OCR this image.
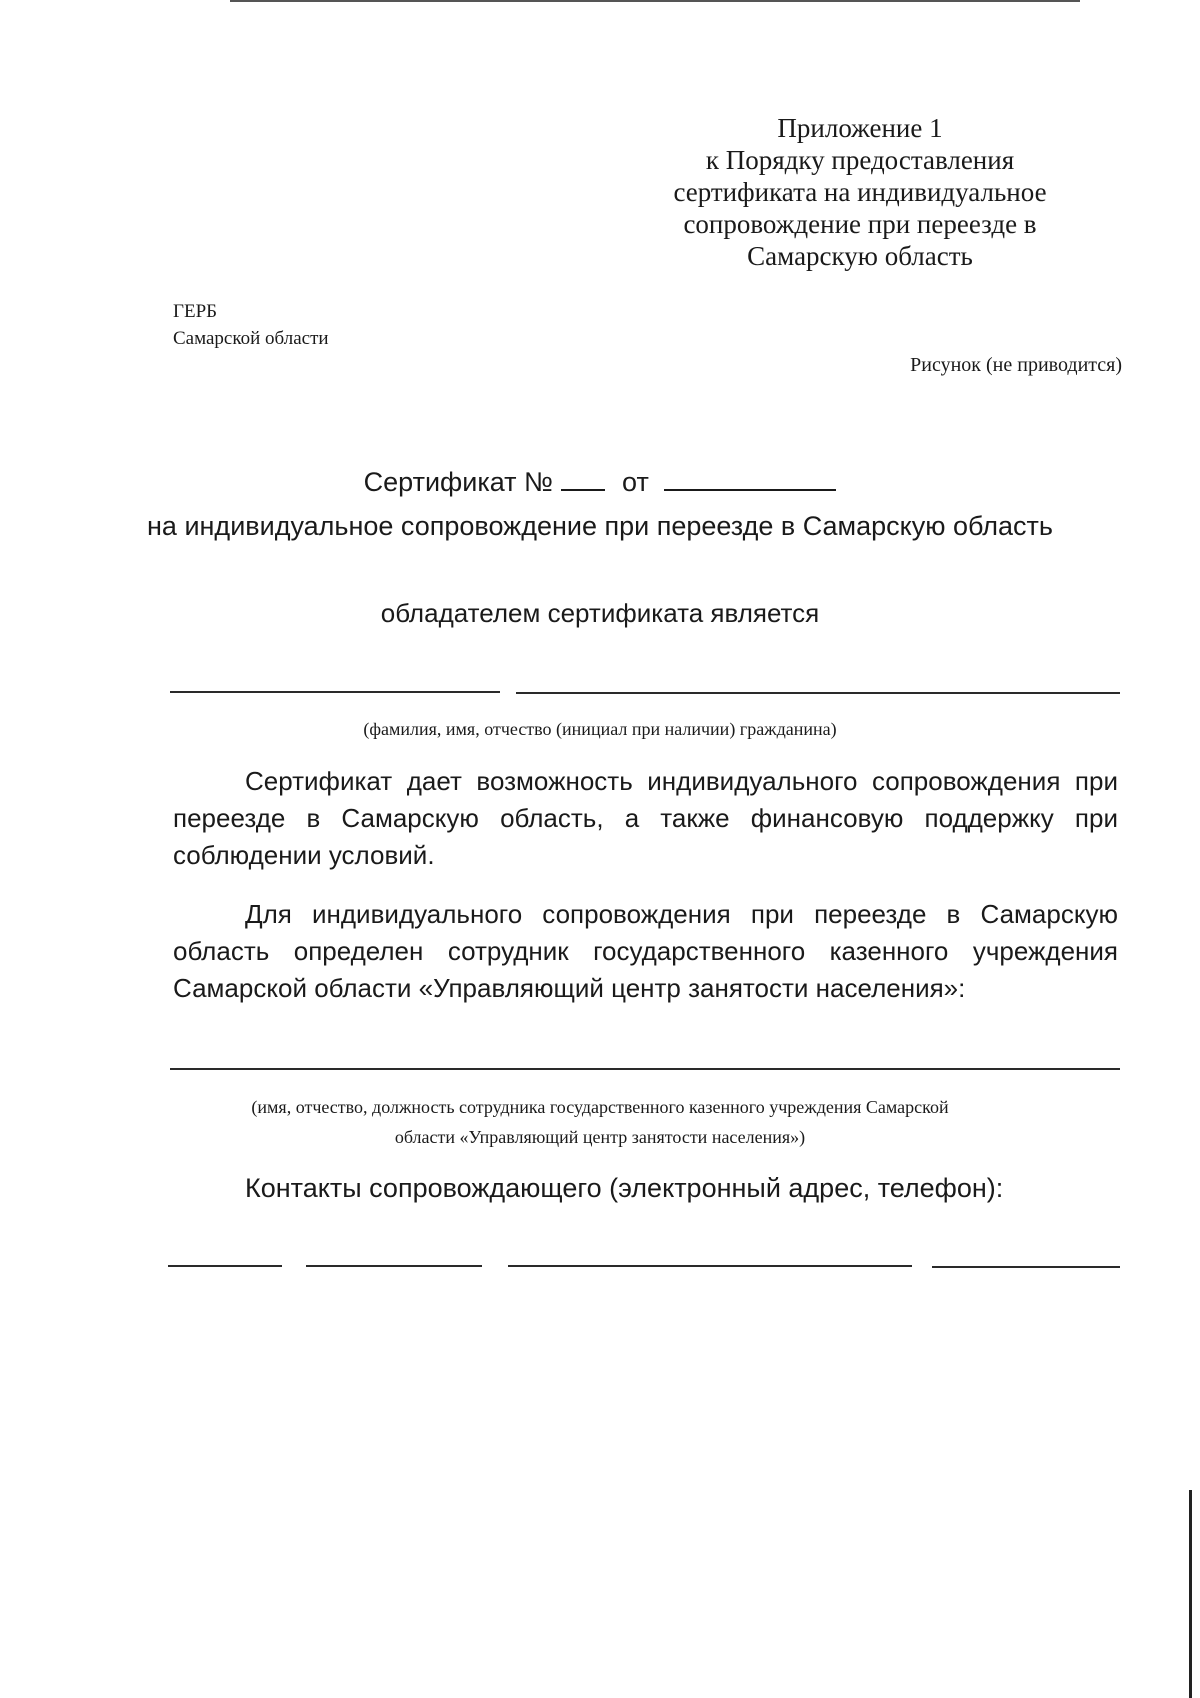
Приложение 1
к Порядку предоставления
сертификата на индивидуальное
сопровождение при переезде в
Самарскую область
ГЕРБ
Самарской области
Рисунок (не приводится)
Сертификат №	от
на индивидуальное сопровождение при переезде в Самарскую область
обладателем сертификата является
(фамилия, имя, отчество (инициал при наличии) гражданина)

Сертификат дает возможность индивидуального сопровождения при переезде в Самарскую область, а также финансовую поддержку при соблюдении условий.

Для индивидуального сопровождения при переезде в Самарскую область определен сотрудник государственного казенного учреждения Самарской области «Управляющий центр занятости населения»:

(имя, отчество, должность сотрудника государственного казенного учреждения Самарской
области «Управляющий центр занятости населения»)
Контакты сопровождающего (электронный адрес, телефон):
